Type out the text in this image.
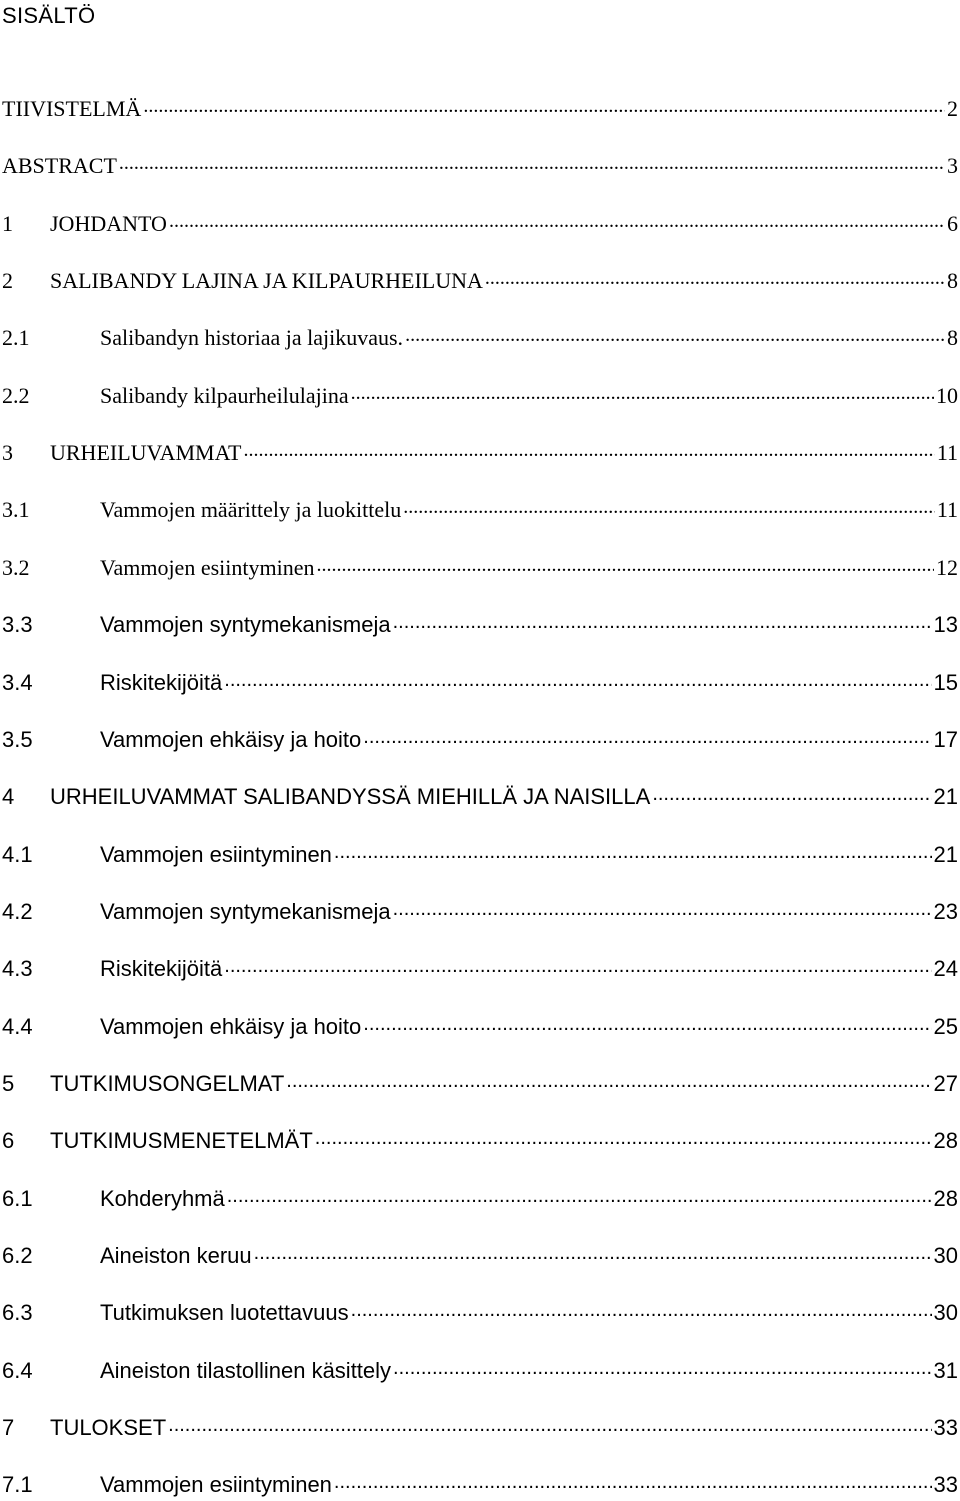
SISÄLTÖ
TIIVISTELMÄ .....	2
ABSTRACT .....	3
1	JOHDANTO .....	6
2	SALIBANDY LAJINA JA KILPAURHEILUNA .....	8
2.1	Salibandyn historiaa ja lajikuvaus. .....	8
2.2	Salibandy kilpaurheilulajina .....	10
3	URHEILUVAMMAT .....	11
3.1	Vammojen määrittely ja luokittelu .....	11
3.2	Vammojen esiintyminen .....	12
3.3	Vammojen syntymekanismeja .....	13
3.4	Riskitekijöitä .....	15
3.5	Vammojen ehkäisy ja hoito .....	17
4	URHEILUVAMMAT SALIBANDYSSÄ MIEHILLÄ JA NAISILLA .....	21
4.1	Vammojen esiintyminen .....	21
4.2	Vammojen syntymekanismeja .....	23
4.3	Riskitekijöitä .....	24
4.4	Vammojen ehkäisy ja hoito .....	25
5	TUTKIMUSONGELMAT .....	27
6	TUTKIMUSMENETELMÄT .....	28
6.1	Kohderyhmä .....	28
6.2	Aineiston keruu .....	30
6.3	Tutkimuksen luotettavuus .....	30
6.4	Aineiston tilastollinen käsittely .....	31
7	TULOKSET .....	33
7.1	Vammojen esiintyminen .....	33
